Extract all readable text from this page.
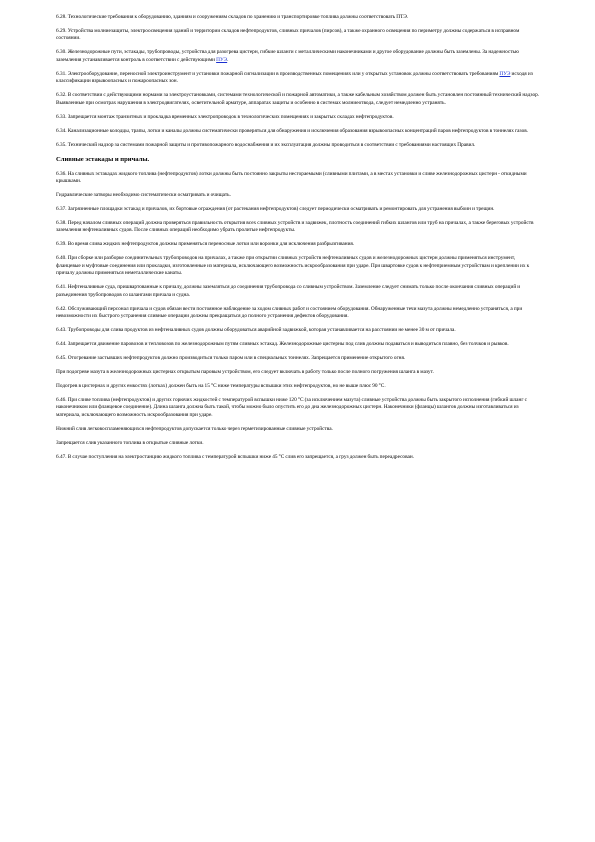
6.28. Технологические требования к оборудованию, зданиям и сооружениям складов по хранению и транспортировке топлива должны соответствовать ПТЭ.

6.29. Устройства молниезащиты, электроосвещения зданий и территории складов нефтепродуктов, сливных причалов (пирсов), а также охранного освещения по периметру должны содержаться в исправном состоянии.

6.30. Железнодорожные пути, эстакады, трубопроводы, устройства для разогрева цистерн, гибкие шланги с металлическими наконечниками и другое оборудование должны быть заземлены. За надежностью заземления устанавливается контроль в соответствии с действующими ПУЭ.

6.31. Электрооборудование, переносной электроинструмент и установки пожарной сигнализации в производственных помещениях или у открытых установок должны соответствовать требованиям ПУЭ исходя из классификации взрывоопасных и пожароопасных зон.

6.32. В соответствии с действующими нормами за электроустановками, системами технологической и пожарной автоматики, а также кабельным хозяйством должен быть установлен постоянный технический надзор. Выявленные при осмотрах нарушения в электродвигателях, осветительной арматуре, аппаратах защиты и особенно в системах молниеотвода, следует немедленно устранять.

6.33. Запрещается монтаж транзитных и прокладка временных электропроводок в технологических помещениях и закрытых складах нефтепродуктов.

6.34. Канализационные колодцы, трапы, лотки и каналы должны систематически проверяться для обнаружения и исключения образования взрывоопасных концентраций паров нефтепродуктов в тоннелях газов.

6.35. Технический надзор за системами пожарной защиты и противопожарного водоснабжения и их эксплуатация должны проводиться в соответствии с требованиями настоящих Правил.

Сливные эстакады и причалы.

6.36. На сливных эстакадах жидкого топлива (нефтепродуктов) лотки должны быть постоянно закрыты несгораемыми (сливными плитами, а в местах установки и сливе железнодорожных цистерн - откидными крышками.

Гидравлические затворы необходимо систематически осматривать и очищать.

6.37. Загрязненные площадки эстакад и причалов, их бортовые ограждения (от растекания нефтепродуктов) следует периодически осматривать и ремонтировать для устранения выбоин и трещин.

6.38. Перед началом сливных операций должна проверяться правильность открытия всех сливных устройств и задвижек, плотность соединений гибких шлангов или труб на причалах, а также береговых устройств заземления нефтеналивных судов. После сливных операций необходимо убрать пролитые нефтепродукты.

6.39. Во время слива жидких нефтепродуктов должны применяться переносные лотки или воронки для исключения разбрызгивания.

6.40. При сборке или разборке соединительных трубопроводов на причалах, а также при открытии сливных устройств нефтеналивных судов и железнодорожных цистерн должны применяться инструмент, фланцевые и муфтовые соединения или прокладки, изготовленные из материала, исключающего возможность искрообразования при ударе. При швартовке судов к нефтеприемным устройствам и креплении их к причалу должны применяться неметаллические канаты.

6.41. Нефтеналивные суда, пришвартованные к причалу, должны заземляться до соединения трубопровода со сливным устройством. Заземление следует снимать только после окончания сливных операций и разъединения трубопроводов со шлангами причала и судна.

6.42. Обслуживающий персонал причала и судов обязан вести постоянное наблюдение за ходом сливных работ и состоянием оборудования. Обнаруженные течи мазута должны немедленно устраняться, а при невозможности их быстрого устранения сливные операции должны прекращаться до полного устранения дефектов оборудования.

6.43. Трубопроводы для слива продуктов из нефтеналивных судов должны оборудоваться аварийной задвижкой, которая устанавливается на расстоянии не менее 30 м от причала.

6.44. Запрещается движение паровозов и тепловозов по железнодорожным путям сливных эстакад. Железнодорожные цистерны под слив должны подаваться и выводиться плавно, без толчков и рывков.

6.45. Отогревание застывших нефтепродуктов должно производиться только паром или в специальных тоннелях. Запрещается применение открытого огня.

При подогреве мазута в железнодорожных цистернах открытым паровым устройством, его следует включать в работу только после полного погружения шланга в мазут.

Подогрев в цистернах и других емкостях (лотках) должен быть на 15 °С ниже температуры вспышки этих нефтепродуктов, но не выше плюс 90 °С.

6.46. При сливе топлива (нефтепродуктов) и других горючих жидкостей с температурой вспышки ниже 120 °С (за исключением мазута) сливные устройства должны быть закрытого исполнения (гибкий шланг с наконечником или фланцевое соединение). Длина шланга должна быть такой, чтобы можно было опустить его до дна железнодорожных цистерн. Наконечники (фланцы) шлангов должны изготавливаться из материала, исключающего возможность искрообразования при ударе.

Нижний слив легковоспламеняющихся нефтепродуктов допускается только через герметизированные сливные устройства.

Запрещается слив указанного топлива в открытые сливные лотки.

6.47. В случае поступления на электростанцию жидкого топлива с температурой вспышки ниже 45 °С слив его запрещается, а груз должен быть переадресован.
